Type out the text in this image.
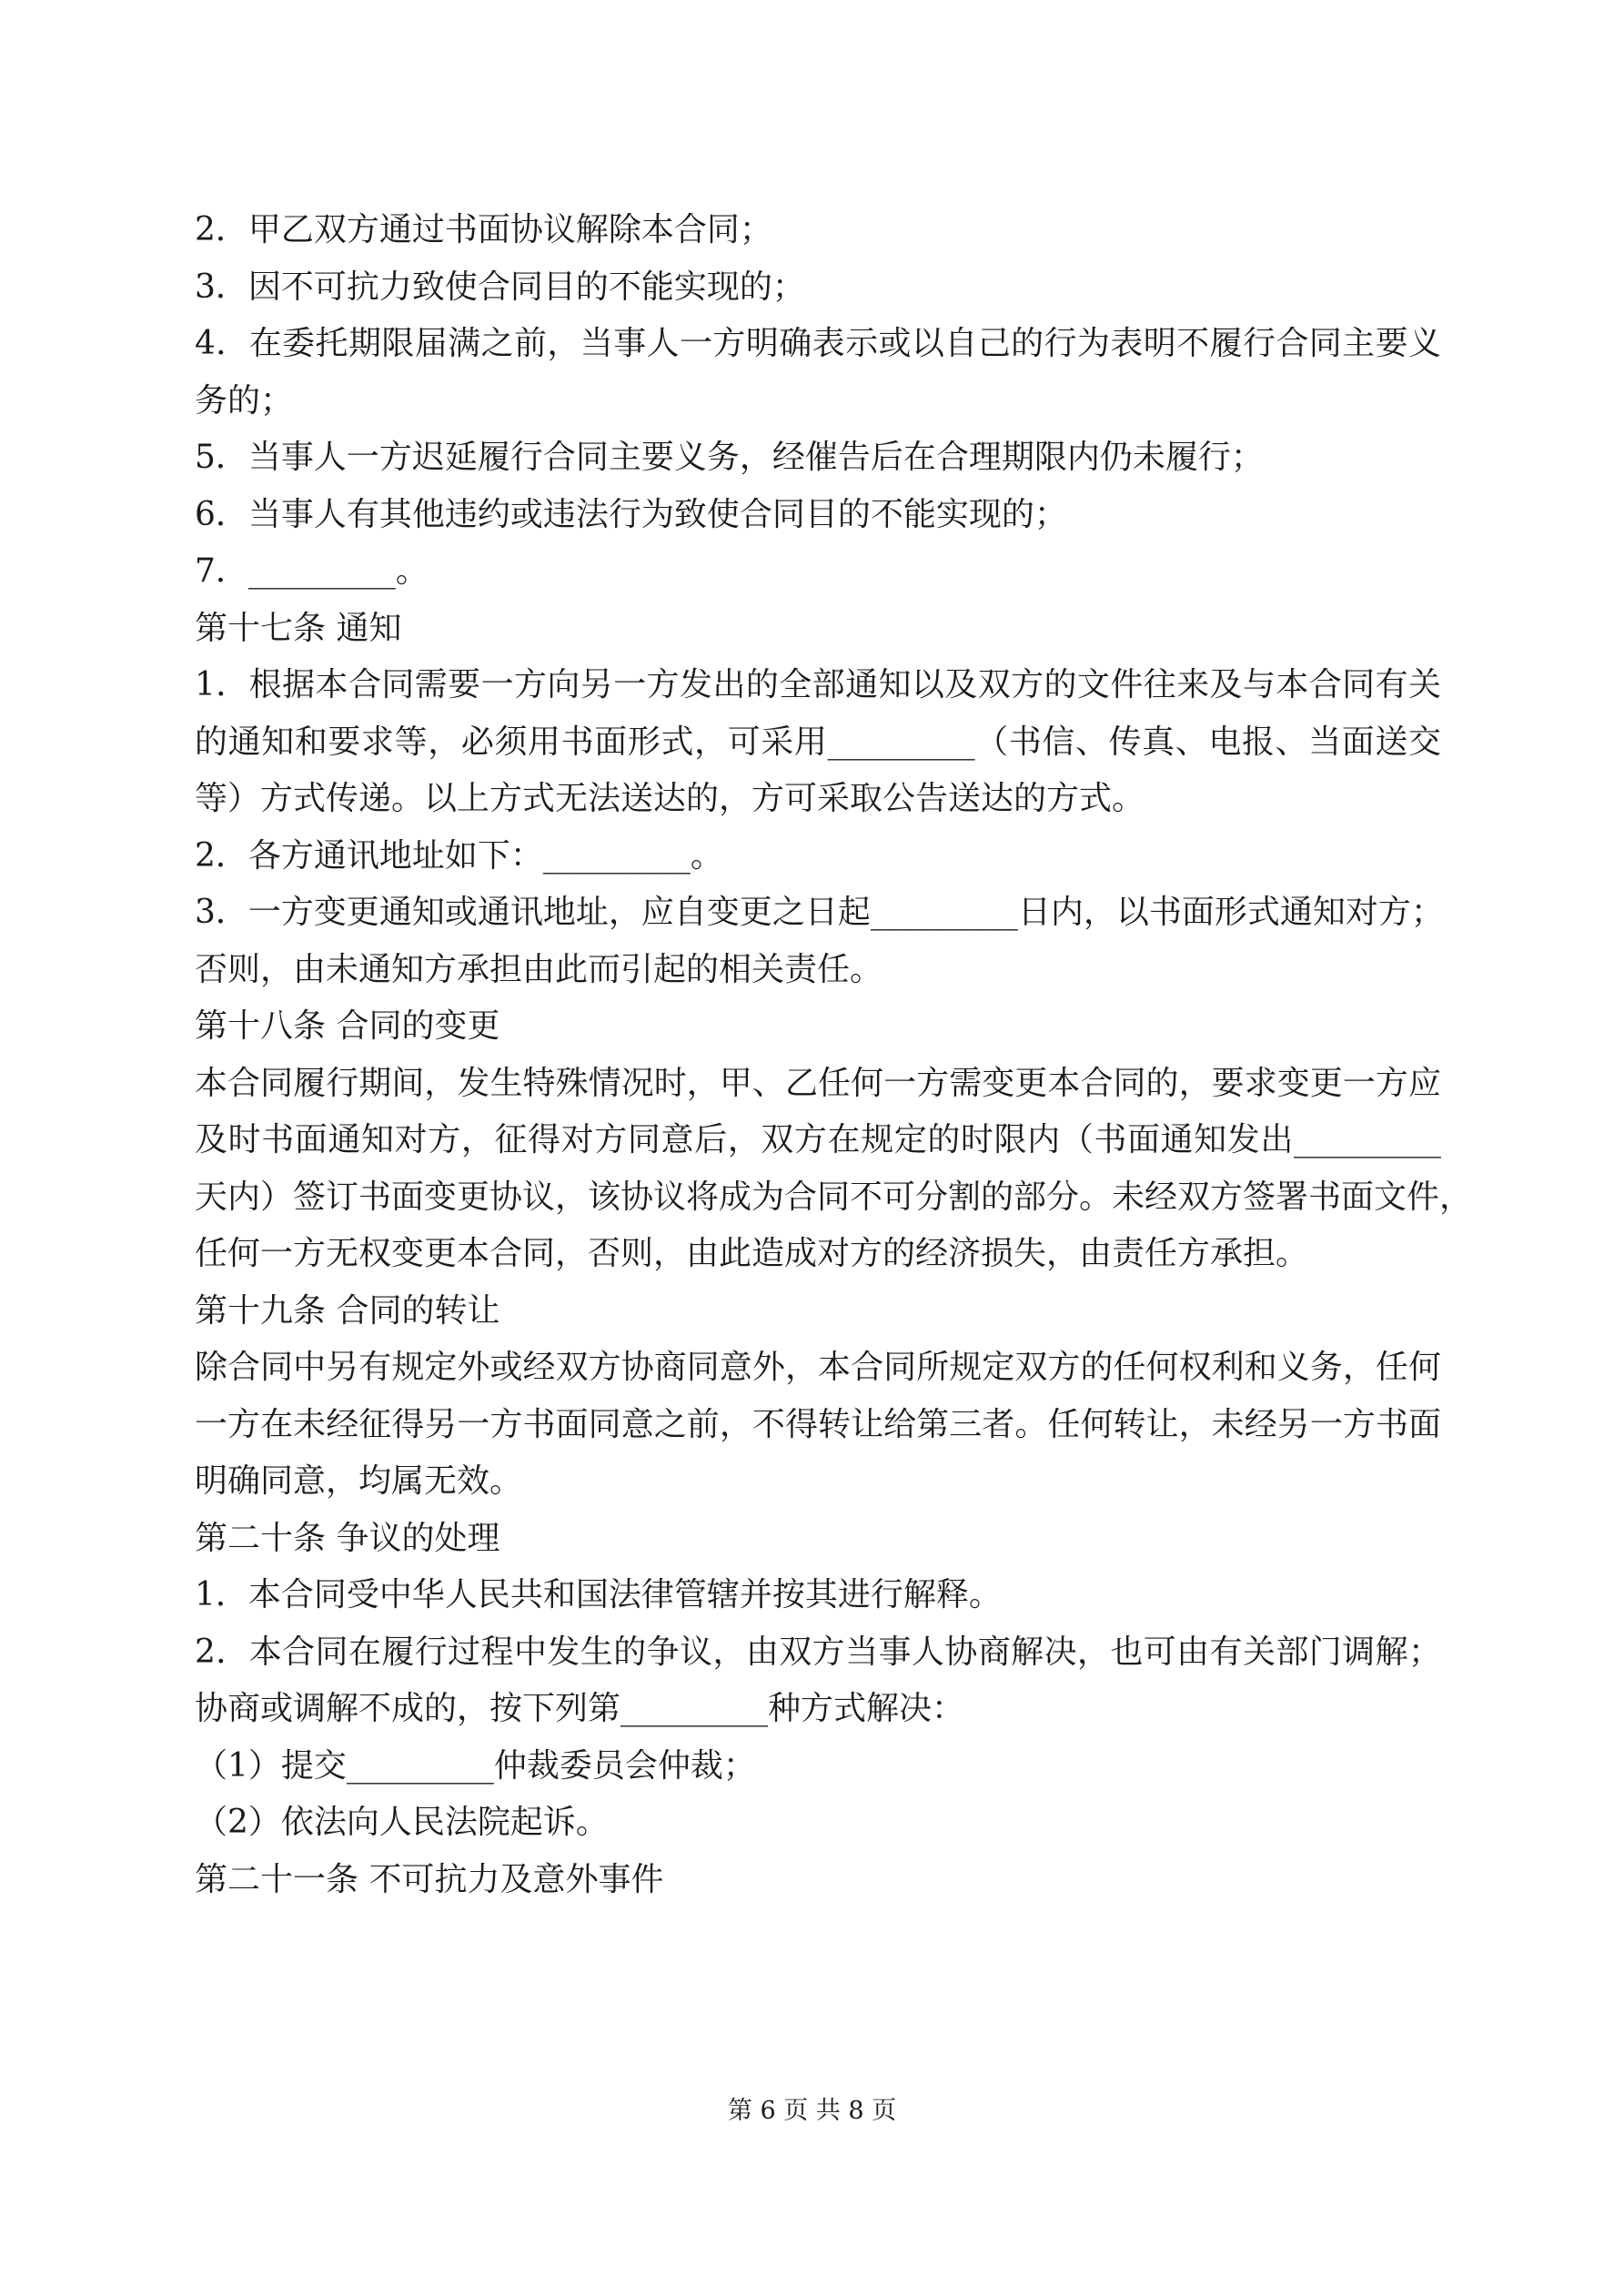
2．甲乙双方通过书面协议解除本合同；
3．因不可抗力致使合同目的不能实现的；
4．在委托期限届满之前，当事人一方明确表示或以自己的行为表明不履行合同主要义
务的；
5．当事人一方迟延履行合同主要义务，经催告后在合理期限内仍未履行；
6．当事人有其他违约或违法行为致使合同目的不能实现的；
7．_________。
第十七条 通知
1．根据本合同需要一方向另一方发出的全部通知以及双方的文件往来及与本合同有关
的通知和要求等，必须用书面形式，可采用_________（书信、传真、电报、当面送交
等）方式传递。以上方式无法送达的，方可采取公告送达的方式。
2．各方通讯地址如下：_________。
3．一方变更通知或通讯地址，应自变更之日起_________日内，以书面形式通知对方；
否则，由未通知方承担由此而引起的相关责任。
第十八条 合同的变更
本合同履行期间，发生特殊情况时，甲、乙任何一方需变更本合同的，要求变更一方应
及时书面通知对方，征得对方同意后，双方在规定的时限内（书面通知发出_________
天内）签订书面变更协议，该协议将成为合同不可分割的部分。未经双方签署书面文件，
任何一方无权变更本合同，否则，由此造成对方的经济损失，由责任方承担。
第十九条 合同的转让
除合同中另有规定外或经双方协商同意外，本合同所规定双方的任何权利和义务，任何
一方在未经征得另一方书面同意之前，不得转让给第三者。任何转让，未经另一方书面
明确同意，均属无效。
第二十条 争议的处理
1．本合同受中华人民共和国法律管辖并按其进行解释。
2．本合同在履行过程中发生的争议，由双方当事人协商解决，也可由有关部门调解；
协商或调解不成的，按下列第_________种方式解决：
（1）提交_________仲裁委员会仲裁；
（2）依法向人民法院起诉。
第二十一条 不可抗力及意外事件
第 6 页 共 8 页
